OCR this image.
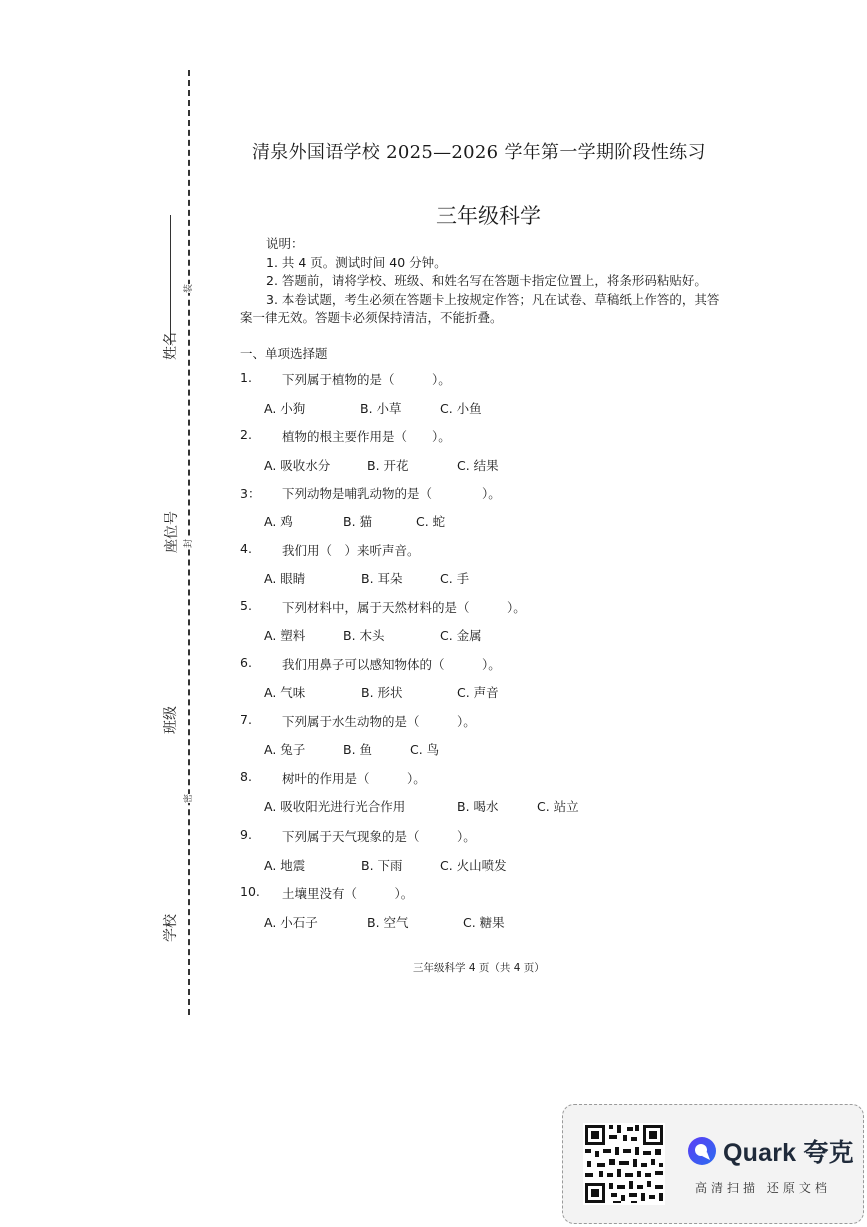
姓名
座位号
班级
学校
装
封
密
清泉外国语学校 2025—2026 学年第一学期阶段性练习
三年级科学
说明：
1. 共 4 页。测试时间 40 分钟。
2. 答题前，请将学校、班级、和姓名写在答题卡指定位置上，将条形码粘贴好。
3. 本卷试题，考生必须在答题卡上按规定作答；凡在试卷、草稿纸上作答的，其答
案一律无效。答题卡必须保持清洁，不能折叠。
一、单项选择题
1. 下列属于植物的是（　　　）。
A. 小狗	B. 小草	C. 小鱼
2. 植物的根主要作用是（　　）。
A. 吸收水分	B. 开花	C. 结果
3： 下列动物是哺乳动物的是（　　　　）。
A. 鸡	B. 猫	C. 蛇
4. 我们用（　）来听声音。
A. 眼睛	B. 耳朵	C. 手
5. 下列材料中，属于天然材料的是（　　　）。
A. 塑料	B. 木头	C. 金属
6. 我们用鼻子可以感知物体的（　　　）。
A. 气味	B. 形状	C. 声音
7. 下列属于水生动物的是（　　　）。
A. 兔子	B. 鱼	C. 鸟
8. 树叶的作用是（　　　）。
A. 吸收阳光进行光合作用	B. 喝水	C. 站立
9. 下列属于天气现象的是（　　　）。
A. 地震	B. 下雨	C. 火山喷发
10. 土壤里没有（　　　）。
A. 小石子	B. 空气	C. 糖果
三年级科学 4 页（共 4 页）
Quark 夸克
高清扫描 还原文档
